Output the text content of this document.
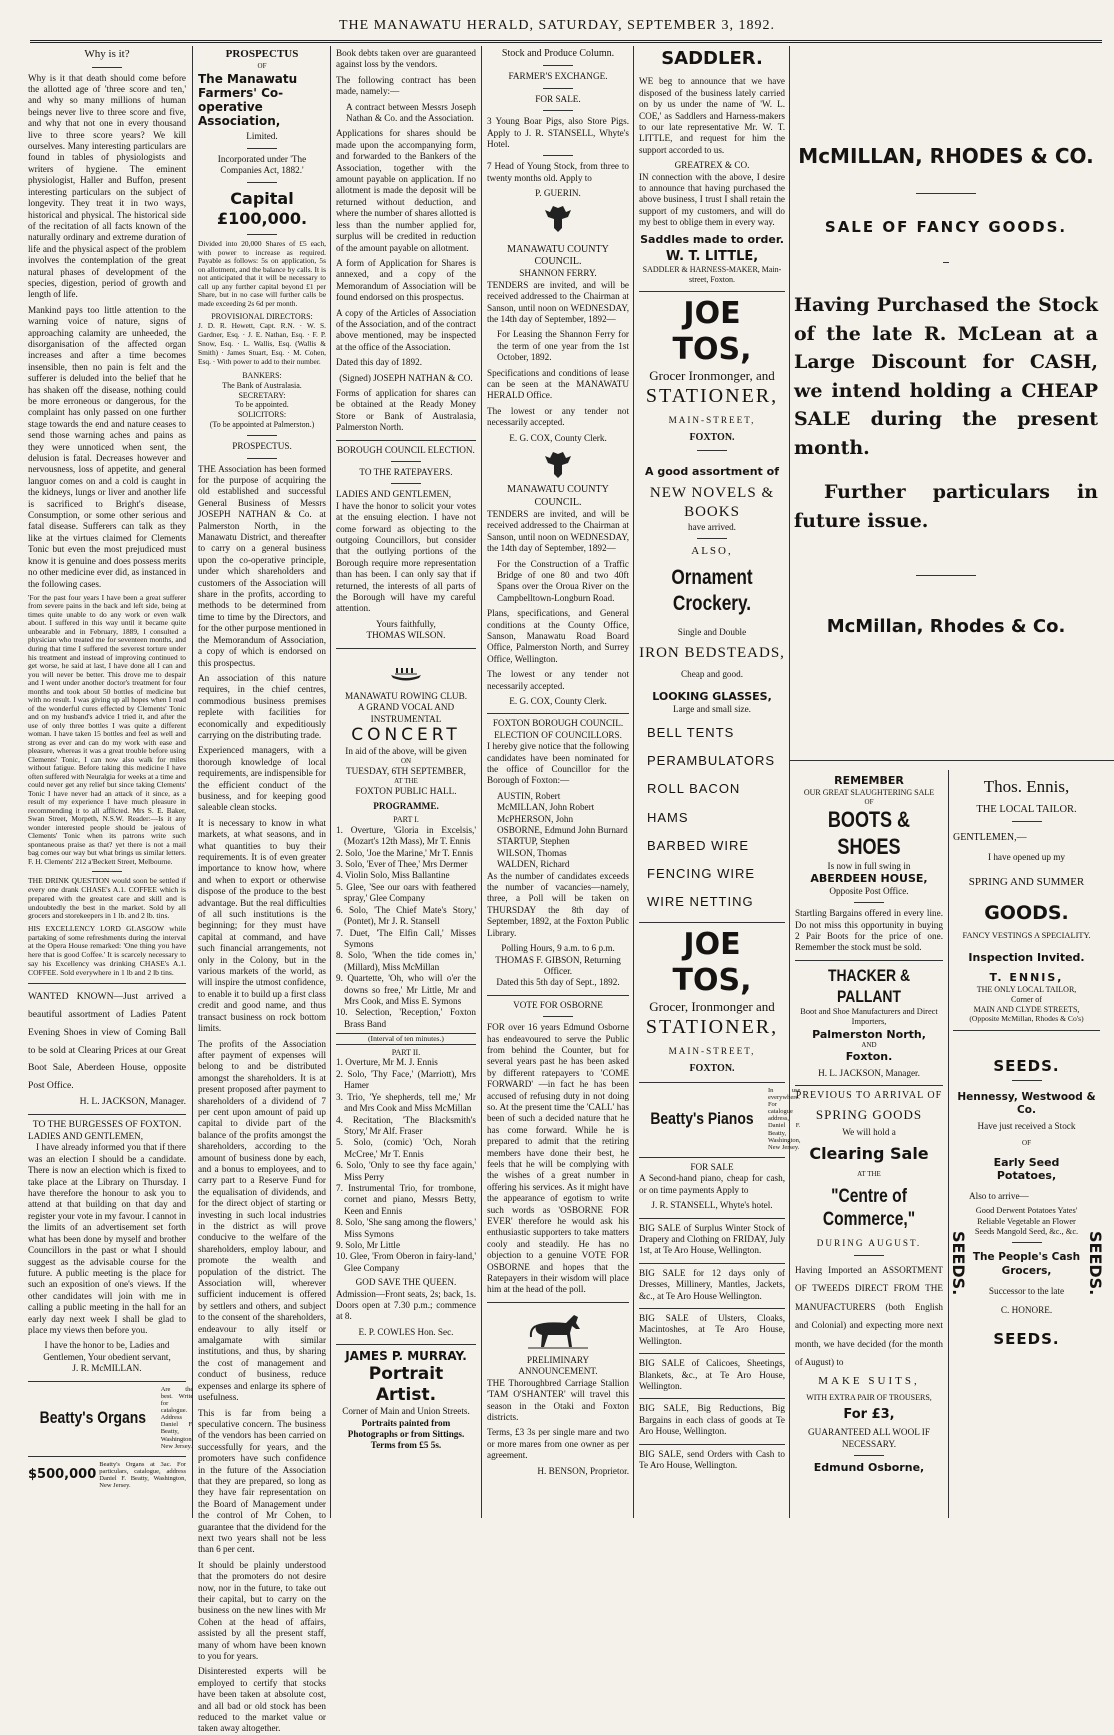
THE MANAWATU HERALD, SATURDAY, SEPTEMBER 3, 1892.
Why is it?

Why is it that death should come before the allotted age of 'three score and ten,' and why so many millions of human beings never live to three score and five, and why that not one in every thousand live to three score years? We kill ourselves. Many interesting particulars are found in tables of physiologists and writers of hygiene. The eminent physiologist, Haller and Buffon, present interesting particulars on the subject of longevity. They treat it in two ways, historical and physical. The historical side of the recitation of all facts known of the naturally ordinary and extreme duration of life and the physical aspect of the problem involves the contemplation of the great natural phases of development of the species, digestion, period of growth and length of life.

Mankind pays too little attention to the warning voice of nature, signs of approaching calamity are unheeded, the disorganisation of the affected organ increases and after a time becomes insensible, then no pain is felt and the sufferer is deluded into the belief that he has shaken off the disease, nothing could be more erroneous or dangerous, for the complaint has only passed on one further stage towards the end and nature ceases to send those warning aches and pains as they were unnoticed when sent, the delusion is fatal. Decreases however and nervousness, loss of appetite, and general languor comes on and a cold is caught in the kidneys, lungs or liver and another life is sacrificed to Bright's disease, Consumption, or some other serious and fatal disease. Sufferers can talk as they like at the virtues claimed for Clements Tonic but even the most prejudiced must know it is genuine and does possess merits no other medicine ever did, as instanced in the following cases.

'For the past four years I have been a great sufferer from severe pains in the back and left side, being at times quite unable to do any work or even walk about. I suffered in this way until it became quite unbearable and in February, 1889, I consulted a physician who treated me for seventeen months, and during that time I suffered the severest torture under his treatment and instead of improving continued to get worse, he said at last, I have done all I can and you will never be better. This drove me to despair and I went under another doctor's treatment for four months and took about 50 bottles of medicine but with no result. I was giving up all hopes when I read of the wonderful cures effected by Clements' Tonic and on my husband's advice I tried it, and after the use of only three bottles I was quite a different woman. I have taken 15 bottles and feel as well and strong as ever and can do my work with ease and pleasure, whereas it was a great trouble before using Clements' Tonic, I can now also walk for miles without fatigue. Before taking this medicine I have often suffered with Neuralgia for weeks at a time and could never get any relief but since taking Clements' Tonic I have never had an attack of it since, as a result of my experience I have much pleasure in recommending it to all afflicted. Mrs S. E. Baker, Swan Street, Morpeth, N.S.W. Reader:—Is it any wonder interested people should be jealous of Clements' Tonic when its patrons write such spontaneous praise as that? yet there is not a mail bag comes our way but what brings us similar letters. F. H. Clements' 212 a'Beckett Street, Melbourne.

THE DRINK QUESTION would soon be settled if every one drank CHASE's A.1. COFFEE which is prepared with the greatest care and skill and is undoubtedly the best in the market. Sold by all grocers and storekeepers in 1 lb. and 2 lb. tins.

HIS EXCELLENCY LORD GLASGOW while partaking of some refreshments during the interval at the Opera House remarked: 'One thing you have here that is good Coffee.' It is scarcely necessary to say his Excellency was drinking CHASE's A.1. COFFEE. Sold everywhere in 1 lb and 2 lb tins.

WANTED KNOWN—Just arrived a beautiful assortment of Ladies Patent Evening Shoes in view of Coming Ball to be sold at Clearing Prices at our Great Boot Sale, Aberdeen House, opposite Post Office.
H. L. JACKSON, Manager.
TO THE BURGESSES OF FOXTON.
LADIES AND GENTLEMEN,

I have already informed you that if there was an election I should be a candidate. There is now an election which is fixed to take place at the Library on Thursday. I have therefore the honour to ask you to attend at that building on that day and register your vote in my favour. I cannot in the limits of an advertisement set forth what has been done by myself and brother Councillors in the past or what I should suggest as the advisable course for the future. A public meeting is the place for such an exposition of one's views. If the other candidates will join with me in calling a public meeting in the hall for an early day next week I shall be glad to place my views then before you.

I have the honor to be, Ladies and Gentlemen, Your obedient servant,
J. R. McMILLAN.
Beatty's Organs
Are the best. Write for catalogue. Address Daniel F. Beatty, Washington, New Jersey.
$500,000
Beatty's Organs at 3ac. For particulars, catalogue, address Daniel F. Beatty, Washington, New Jersey.
PROSPECTUS
OF
The Manawatu Farmers' Co-operative Association,
Limited.
Incorporated under 'The Companies Act, 1882.'
Capital £100,000.

Divided into 20,000 Shares of £5 each, with power to increase as required. Payable as follows: 5s on application, 5s on allotment, and the balance by calls. It is not anticipated that it will be necessary to call up any further capital beyond £1 per Share, but in no case will further calls be made exceeding 2s 6d per month.

PROVISIONAL DIRECTORS:

J. D. R. Hewett, Capt. R.N. · W. S. Gardner, Esq. · J. E. Nathan, Esq. · F. P. Snow, Esq. · L. Wallis, Esq. (Wallis & Smith) · James Stuart, Esq. · M. Cohen, Esq. · With power to add to their number.

BANKERS:
The Bank of Australasia.
SECRETARY:
To be appointed.
SOLICITORS:
(To be appointed at Palmerston.)
PROSPECTUS.

THE Association has been formed for the purpose of acquiring the old established and successful General Business of Messrs JOSEPH NATHAN & Co. at Palmerston North, in the Manawatu District, and thereafter to carry on a general business upon the co-operative principle, under which shareholders and customers of the Association will share in the profits, according to methods to be determined from time to time by the Directors, and for the other purpose mentioned in the Memorandum of Association, a copy of which is endorsed on this prospectus.

An association of this nature requires, in the chief centres, commodious business premises replete with facilities for economically and expeditiously carrying on the distributing trade.

Experienced managers, with a thorough knowledge of local requirements, are indispensible for the efficient conduct of the business, and for keeping good saleable clean stocks.

It is necessary to know in what markets, at what seasons, and in what quantities to buy their requirements. It is of even greater importance to know how, where and when to export or otherwise dispose of the produce to the best advantage. But the real difficulties of all such institutions is the beginning; for they must have capital at command, and have such financial arrangements, not only in the Colony, but in the various markets of the world, as will inspire the utmost confidence, to enable it to build up a first class credit and good name, and thus transact business on rock bottom limits.

The profits of the Association after payment of expenses will belong to and be distributed amongst the shareholders. It is at present proposed after payment to shareholders of a dividend of 7 per cent upon amount of paid up capital to divide part of the balance of the profits amongst the shareholders, according to the amount of business done by each, and a bonus to employees, and to carry part to a Reserve Fund for the equalisation of dividends, and for the direct object of starting or investing in such local industries in the district as will prove conducive to the welfare of the shareholders, employ labour, and promote the wealth and population of the district. The Association will, wherever sufficient inducement is offered by settlers and others, and subject to the consent of the shareholders, endeavour to ally itself or amalgamate with similar institutions, and thus, by sharing the cost of management and conduct of business, reduce expenses and enlarge its sphere of usefulness.

This is far from being a speculative concern. The business of the vendors has been carried on successfully for years, and the promoters have such confidence in the future of the Association that they are prepared, so long as they have fair representation on the Board of Management under the control of Mr Cohen, to guarantee that the dividend for the next two years shall not be less than 6 per cent.

It should be plainly understood that the promoters do not desire now, nor in the future, to take out their capital, but to carry on the business on the new lines with Mr Cohen at the head of affairs, assisted by all the present staff, many of whom have been known to you for years.

Disinterested experts will be employed to certify that stocks have been taken at absolute cost, and all bad or old stock has been reduced to the market value or taken away altogether.

Book debts taken over are guaranteed against loss by the vendors.

The following contract has been made, namely:—

A contract between Messrs Joseph Nathan & Co. and the Association.

Applications for shares should be made upon the accompanying form, and forwarded to the Bankers of the Association, together with the amount payable on application. If no allotment is made the deposit will be returned without deduction, and where the number of shares allotted is less than the number applied for, surplus will be credited in reduction of the amount payable on allotment.

A form of Application for Shares is annexed, and a copy of the Memorandum of Association will be found endorsed on this prospectus.

A copy of the Articles of Association of the Association, and of the contract above mentioned, may be inspected at the office of the Association.

Dated this day of 1892.

(Signed) JOSEPH NATHAN & CO.

Forms of application for shares can be obtained at the Ready Money Store or Bank of Australasia, Palmerston North.

BOROUGH COUNCIL ELECTION.
TO THE RATEPAYERS.
LADIES AND GENTLEMEN,

I have the honor to solicit your votes at the ensuing election. I have not come forward as objecting to the outgoing Councillors, but consider that the outlying portions of the Borough require more representation than has been. I can only say that if returned, the interests of all parts of the Borough will have my careful attention.

Yours faithfully,
THOMAS WILSON.
MANAWATU ROWING CLUB.
A GRAND VOCAL AND INSTRUMENTAL
CONCERT
In aid of the above, will be given
ON
TUESDAY, 6TH SEPTEMBER,
AT THE
FOXTON PUBLIC HALL.
PROGRAMME.
PART I.
1. Overture, 'Gloria in Excelsis,' (Mozart's 12th Mass), Mr T. Ennis
2. Solo, 'Joe the Marine,' Mr T. Ennis
3. Solo, 'Ever of Thee,' Mrs Dermer
4. Violin Solo, Miss Ballantine
5. Glee, 'See our oars with feathered spray,' Glee Company
6. Solo, 'The Chief Mate's Story,' (Pontet), Mr J. R. Stansell
7. Duet, 'The Elfin Call,' Misses Symons
8. Solo, 'When the tide comes in,' (Millard), Miss McMillan
9. Quartette, 'Oh, who will o'er the downs so free,' Mr Little, Mr and Mrs Cook, and Miss E. Symons
10. Selection, 'Reception,' Foxton Brass Band
(Interval of ten minutes.)
PART II.
1. Overture, Mr M. J. Ennis
2. Solo, 'Thy Face,' (Marriott), Mrs Hamer
3. Trio, 'Ye shepherds, tell me,' Mr and Mrs Cook and Miss McMillan
4. Recitation, 'The Blacksmith's Story,' Mr Alf. Fraser
5. Solo, (comic) 'Och, Norah McCree,' Mr T. Ennis
6. Solo, 'Only to see thy face again,' Miss Perry
7. Instrumental Trio, for trombone, cornet and piano, Messrs Betty, Keen and Ennis
8. Solo, 'She sang among the flowers,' Miss Symons
9. Solo, Mr Little
10. Glee, 'From Oberon in fairy-land,' Glee Company
GOD SAVE THE QUEEN.

Admission—Front seats, 2s; back, 1s. Doors open at 7.30 p.m.; commence at 8.

E. P. COWLES Hon. Sec.
JAMES P. MURRAY.
Portrait Artist.
Corner of Main and Union Streets.
Portraits painted from Photographs or from Sittings.
Terms from £5 5s.
Stock and Produce Column.
FARMER'S EXCHANGE.
FOR SALE.

3 Young Boar Pigs, also Store Pigs. Apply to J. R. STANSELL, Whyte's Hotel.

7 Head of Young Stock, from three to twenty months old. Apply to

P. GUERIN.
MANAWATU COUNTY COUNCIL.
SHANNON FERRY.

TENDERS are invited, and will be received addressed to the Chairman at Sanson, until noon on WEDNESDAY, the 14th day of September, 1892—

For Leasing the Shannon Ferry for the term of one year from the 1st October, 1892.

Specifications and conditions of lease can be seen at the MANAWATU HERALD Office.

The lowest or any tender not necessarily accepted.

E. G. COX, County Clerk.
MANAWATU COUNTY COUNCIL.

TENDERS are invited, and will be received addressed to the Chairman at Sanson, until noon on WEDNESDAY, the 14th day of September, 1892—

For the Construction of a Traffic Bridge of one 80 and two 40ft Spans over the Oroua River on the Campbelltown-Longburn Road.

Plans, specifications, and General conditions at the County Office, Sanson, Manawatu Road Board Office, Palmerston North, and Surrey Office, Wellington.

The lowest or any tender not necessarily accepted.

E. G. COX, County Clerk.
FOXTON BOROUGH COUNCIL.
ELECTION OF COUNCILLORS.

I hereby give notice that the following candidates have been nominated for the office of Councillor for the Borough of Foxton:—

AUSTIN, Robert
McMILLAN, John Robert
McPHERSON, John
OSBORNE, Edmund John Burnard
STARTUP, Stephen
WILSON, Thomas
WALDEN, Richard

As the number of candidates exceeds the number of vacancies—namely, three, a Poll will be taken on THURSDAY the 8th day of September, 1892, at the Foxton Public Library.

Polling Hours, 9 a.m. to 6 p.m.
THOMAS F. GIBSON, Returning Officer.
Dated this 5th day of Sept., 1892.
VOTE FOR OSBORNE

FOR over 16 years Edmund Osborne has endeavoured to serve the Public from behind the Counter, but for several years past he has been asked by different ratepayers to 'COME FORWARD' —in fact he has been accused of refusing duty in not doing so. At the present time the 'CALL' has been of such a decided nature that he has come forward. While he is prepared to admit that the retiring members have done their best, he feels that he will be complying with the wishes of a great number in offering his services. As it might have the appearance of egotism to write such words as 'OSBORNE FOR EVER' therefore he would ask his enthusiastic supporters to take matters cooly and steadily. He has no objection to a genuine VOTE FOR OSBORNE and hopes that the Ratepayers in their wisdom will place him at the head of the poll.

PRELIMINARY ANNOUNCEMENT.

THE Thoroughbred Carriage Stallion 'TAM O'SHANTER' will travel this season in the Otaki and Foxton districts.

Terms, £3 3s per single mare and two or more mares from one owner as per agreement.

H. BENSON, Proprietor.
SADDLER.

WE beg to announce that we have disposed of the business lately carried on by us under the name of 'W. L. COE,' as Saddlers and Harness-makers to our late representative Mr. W. T. LITTLE, and request for him the support accorded to us.

GREATREX & CO.

IN connection with the above, I desire to announce that having purchased the above business, I trust I shall retain the support of my customers, and will do my best to oblige them in every way.

Saddles made to order.
W. T. LITTLE,
SADDLER & HARNESS-MAKER, Main-street, Foxton.
JOE TOS,
Grocer Ironmonger, and
STATIONER,
MAIN-STREET,
FOXTON.
A good assortment of
NEW NOVELS & BOOKS
have arrived.
ALSO,
Ornament Crockery.
Single and Double
IRON BEDSTEADS,
Cheap and good.
LOOKING GLASSES,
Large and small size.
BELL TENTS
PERAMBULATORS
ROLL BACON
HAMS
BARBED WIRE
FENCING WIRE
WIRE NETTING
JOE TOS,
Grocer, Ironmonger and
STATIONER,
MAIN-STREET,
FOXTON.
Beatty's Pianos
In use everywhere. For catalogue address, Daniel F. Beatty, Washington, New Jersey.
FOR SALE

A Second-hand piano, cheap for cash, or on time payments Apply to

J. R. STANSELL, Whyte's hotel.
BIG SALE of Surplus Winter Stock of Drapery and Clothing on FRIDAY, July 1st, at Te Aro House, Wellington.
BIG SALE for 12 days only of Dresses, Millinery, Mantles, Jackets, &c., at Te Aro House Wellington.
BIG SALE of Ulsters, Cloaks, Macintoshes, at Te Aro House, Wellington.
BIG SALE of Calicoes, Sheetings, Blankets, &c., at Te Aro House, Wellington.
BIG SALE, Big Reductions, Big Bargains in each class of goods at Te Aro House, Wellington.
BIG SALE, send Orders with Cash to Te Aro House, Wellington.
McMILLAN, RHODES & CO.
SALE OF FANCY GOODS.
Having Purchased the Stock of the late R. McLean at a Large Discount for CASH, we intend holding a CHEAP SALE during the present month.
Further particulars in future issue.
McMillan, Rhodes & Co.
REMEMBER
OUR GREAT SLAUGHTERING SALE
OF
BOOTS & SHOES
Is now in full swing in
ABERDEEN HOUSE,
Opposite Post Office.

Startling Bargains offered in every line. Do not miss this opportunity in buying 2 Pair Boots for the price of one. Remember the stock must be sold.

THACKER & PALLANT
Boot and Shoe Manufacturers and Direct Importers,
Palmerston North,
AND
Foxton.
H. L. JACKSON, Manager.
PREVIOUS TO ARRIVAL OF
SPRING GOODS
We will hold a
Clearing Sale
AT THE
"Centre of Commerce,"
DURING AUGUST.

Having Imported an ASSORTMENT OF TWEEDS DIRECT FROM THE MANUFACTURERS (both English and Colonial) and expecting more next month, we have decided (for the month of August) to

MAKE SUITS,
WITH EXTRA PAIR OF TROUSERS,
For £3,
GUARANTEED ALL WOOL IF NECESSARY.
Edmund Osborne,
Thos. Ennis,
THE LOCAL TAILOR.
GENTLEMEN,—
I have opened up my
SPRING AND SUMMER
GOODS.
FANCY VESTINGS A SPECIALITY.
Inspection Invited.
T. ENNIS,
THE ONLY LOCAL TAILOR,
Corner of
MAIN AND CLYDE STREETS,
(Opposite McMillan, Rhodes & Co's)
SEEDS.	SEEDS.
SEEDS.
Hennessy, Westwood & Co.
Have just received a Stock
OF
Early Seed Potatoes,
Also to arrive—
Good Derwent Potatoes Yates' Reliable Vegetable an Flower Seeds Mangold Seed, &c., &c.
The People's Cash Grocers,
Successor to the late
C. HONORE.
SEEDS.
